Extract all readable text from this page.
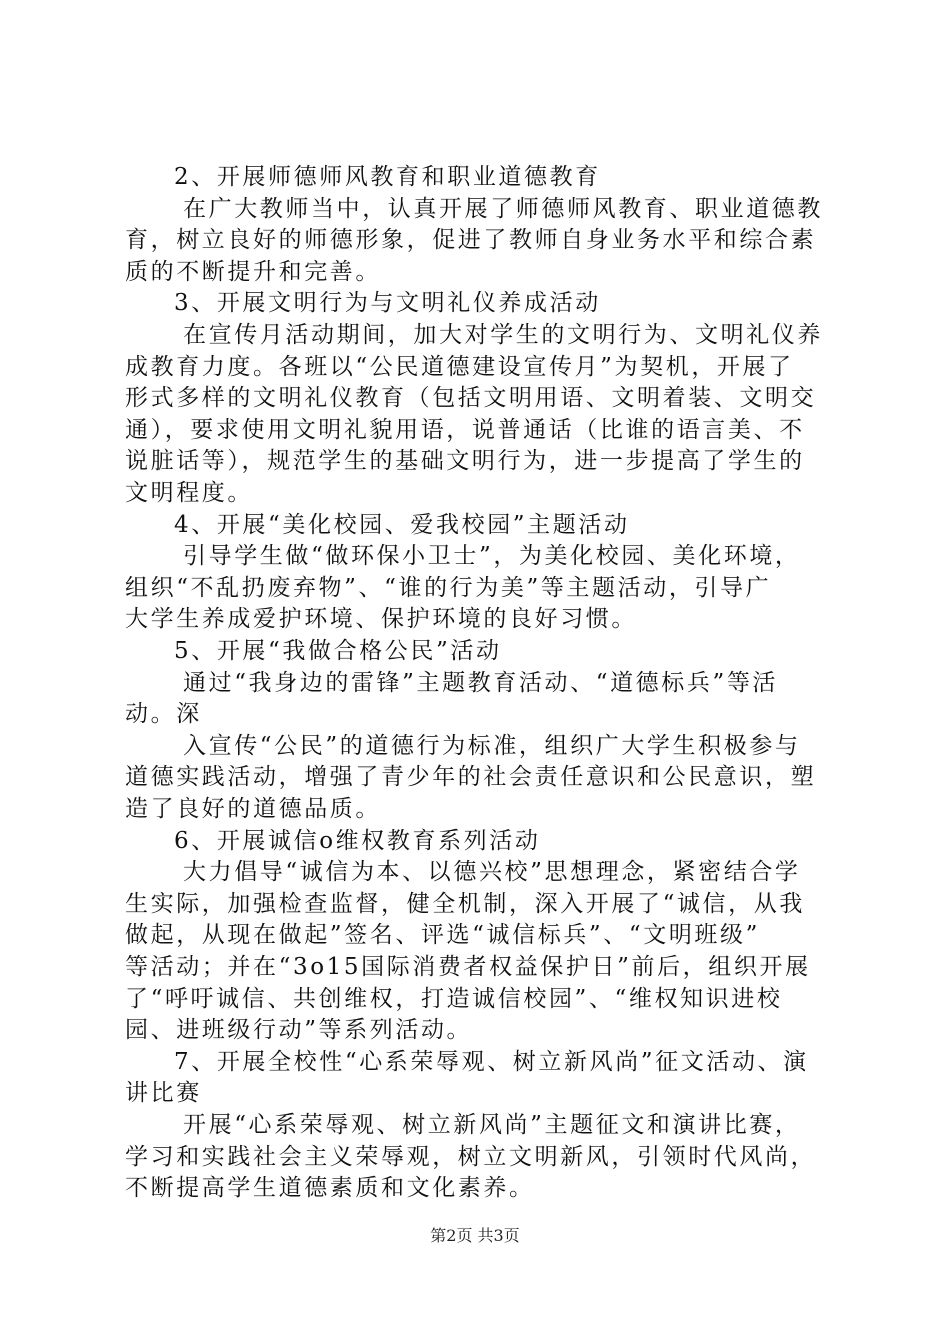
2、开展师德师风教育和职业道德教育
在广大教师当中，认真开展了师德师风教育、职业道德教
育，树立良好的师德形象，促进了教师自身业务水平和综合素
质的不断提升和完善。
3、开展文明行为与文明礼仪养成活动
在宣传月活动期间，加大对学生的文明行为、文明礼仪养
成教育力度。各班以“公民道德建设宣传月”为契机，开展了
形式多样的文明礼仪教育（包括文明用语、文明着装、文明交
通），要求使用文明礼貌用语，说普通话（比谁的语言美、不
说脏话等），规范学生的基础文明行为，进一步提高了学生的
文明程度。
4、开展“美化校园、爱我校园”主题活动
引导学生做“做环保小卫士”，为美化校园、美化环境，
组织“不乱扔废弃物”、“谁的行为美”等主题活动，引导广
大学生养成爱护环境、保护环境的良好习惯。
5、开展“我做合格公民”活动
通过“我身边的雷锋”主题教育活动、“道德标兵”等活
动。深
入宣传“公民”的道德行为标准，组织广大学生积极参与
道德实践活动，增强了青少年的社会责任意识和公民意识，塑
造了良好的道德品质。
6、开展诚信o维权教育系列活动
大力倡导“诚信为本、以德兴校”思想理念，紧密结合学
生实际，加强检查监督，健全机制，深入开展了“诚信，从我
做起，从现在做起”签名、评选“诚信标兵”、“文明班级”
等活动；并在“3o15国际消费者权益保护日”前后，组织开展
了“呼吁诚信、共创维权，打造诚信校园”、“维权知识进校
园、进班级行动”等系列活动。
7、开展全校性“心系荣辱观、树立新风尚”征文活动、演
讲比赛
开展“心系荣辱观、树立新风尚”主题征文和演讲比赛，
学习和实践社会主义荣辱观，树立文明新风，引领时代风尚，
不断提高学生道德素质和文化素养。
第2页 共3页
